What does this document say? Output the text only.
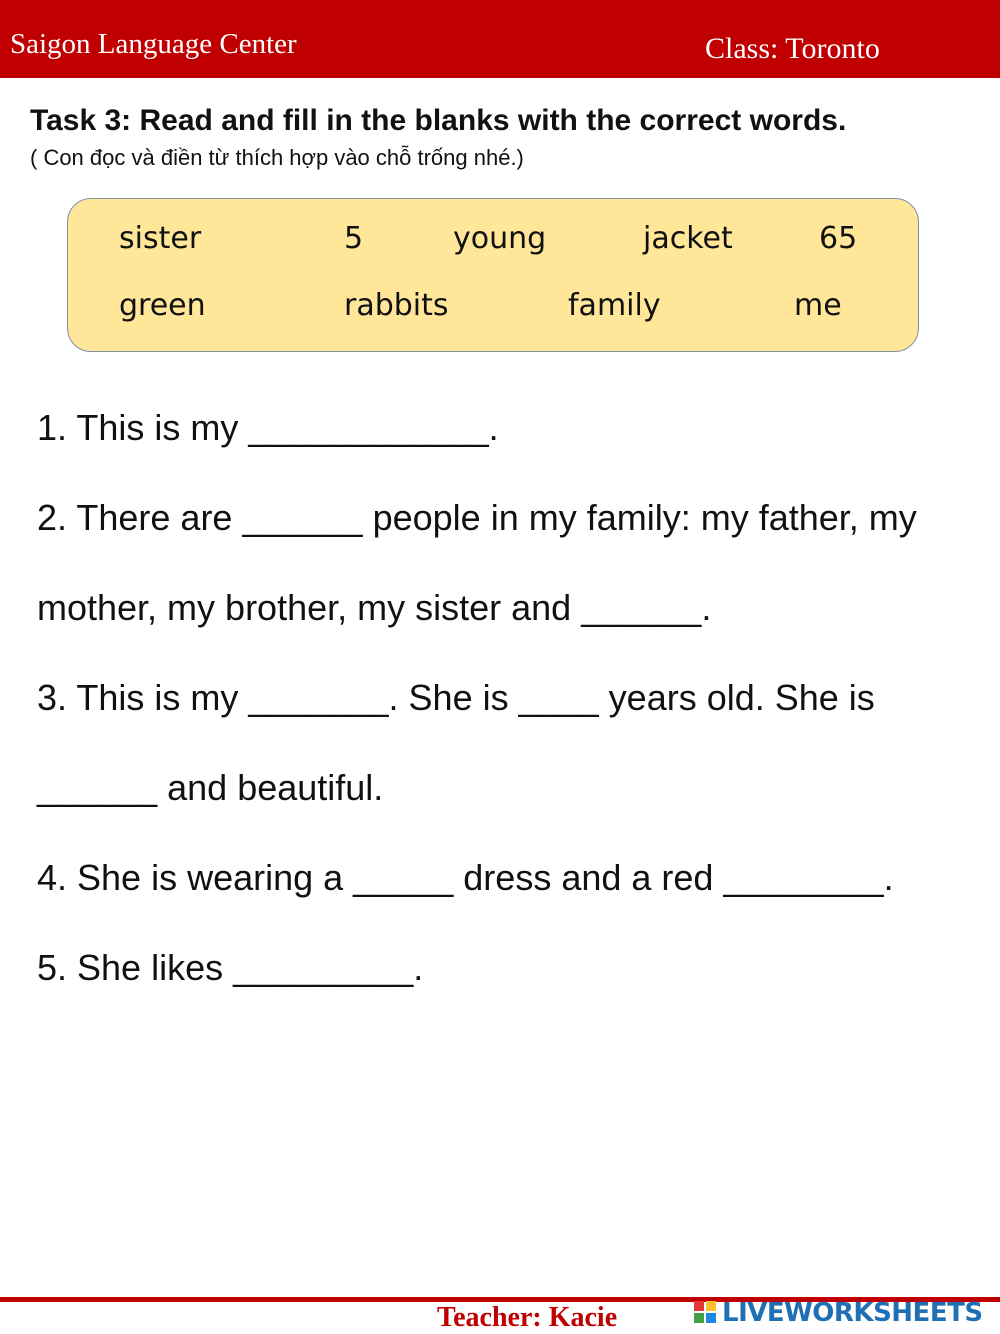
Saigon Language Center	Class: Toronto
Task 3: Read and fill in the blanks with the correct words.
( Con đọc và điền từ thích hợp vào chỗ trống nhé.)
sister	5	young	jacket	65
green	rabbits	family	me
1. This is my ____________.
2. There are ______ people in my family: my father, my
mother, my brother, my sister and ______.
3. This is my _______. She is ____ years old. She is
______ and beautiful.
4. She is wearing a _____ dress and a red ________.
5. She likes _________.
Teacher: Kacie	LIVEWORKSHEETS
